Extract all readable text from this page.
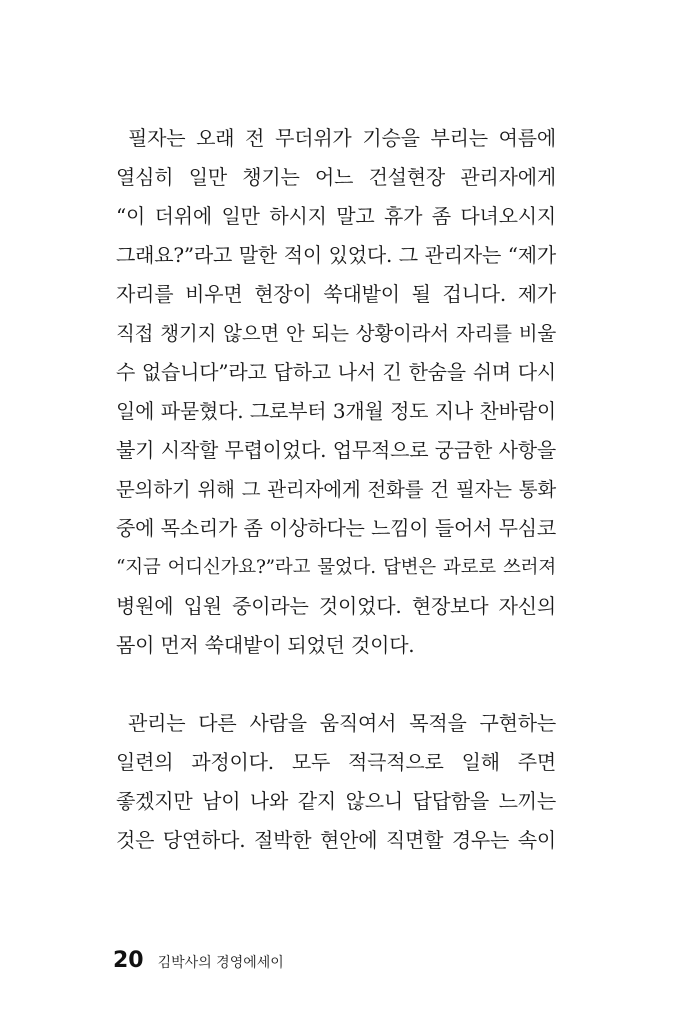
필자는 오래 전 무더위가 기승을 부리는 여름에
열심히 일만 챙기는 어느 건설현장 관리자에게
“이 더위에 일만 하시지 말고 휴가 좀 다녀오시지
그래요?”라고 말한 적이 있었다. 그 관리자는 “제가
자리를 비우면 현장이 쑥대밭이 될 겁니다. 제가
직접 챙기지 않으면 안 되는 상황이라서 자리를 비울
수 없습니다”라고 답하고 나서 긴 한숨을 쉬며 다시
일에 파묻혔다. 그로부터 3개월 정도 지나 찬바람이
불기 시작할 무렵이었다. 업무적으로 궁금한 사항을
문의하기 위해 그 관리자에게 전화를 건 필자는 통화
중에 목소리가 좀 이상하다는 느낌이 들어서 무심코
“지금 어디신가요?”라고 물었다. 답변은 과로로 쓰러져
병원에 입원 중이라는 것이었다. 현장보다 자신의
몸이 먼저 쑥대밭이 되었던 것이다.
관리는 다른 사람을 움직여서 목적을 구현하는
일련의 과정이다. 모두 적극적으로 일해 주면
좋겠지만 남이 나와 같지 않으니 답답함을 느끼는
것은 당연하다. 절박한 현안에 직면할 경우는 속이
20 김박사의 경영에세이
